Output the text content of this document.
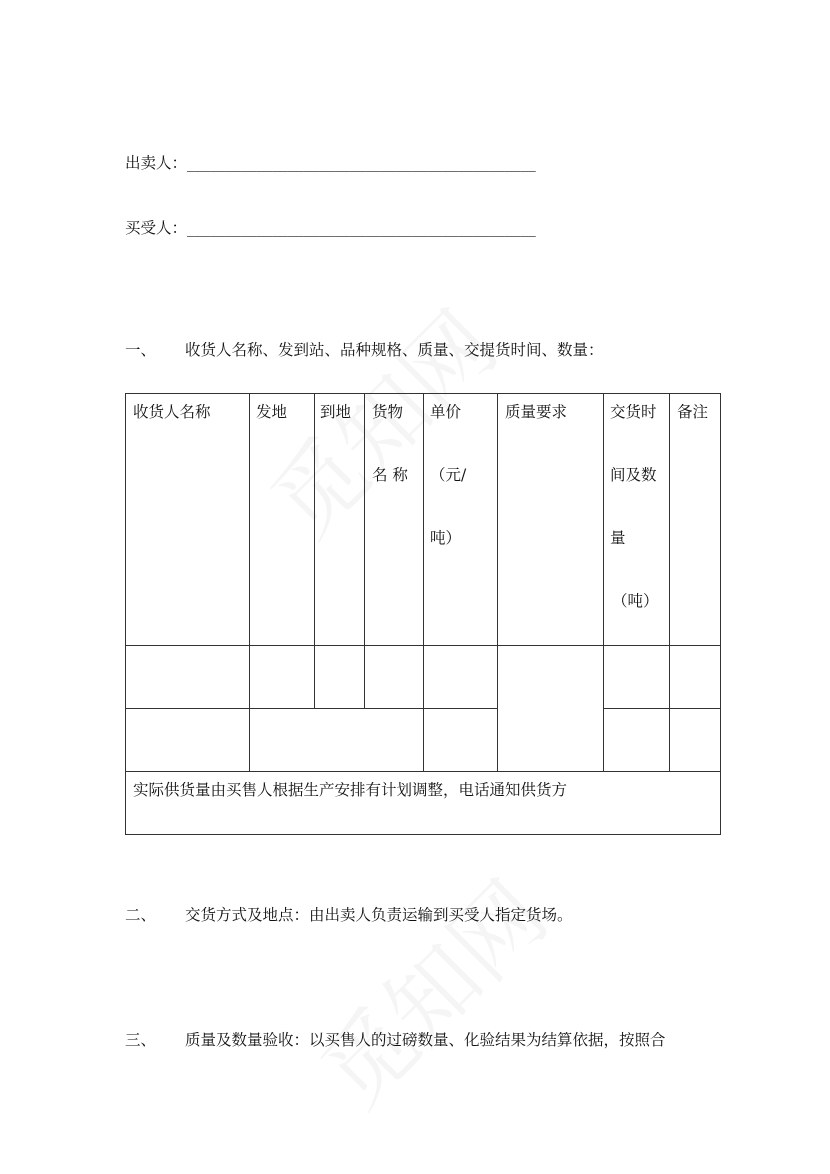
出卖人：_____________________________________________
买受人：_____________________________________________
一、 收货人名称、发到站、品种规格、质量、交提货时间、数量：
收货人名称	发地 到地 货物
名 称
单价
（元/
吨）
质量要求	交货时
间及数
量
（吨）
备注
实际供货量由买售人根据生产安排有计划调整，电话通知供货方
二、 交货方式及地点：由出卖人负责运输到买受人指定货场。
三、 质量及数量验收：以买售人的过磅数量、化验结果为结算依据，按照合
